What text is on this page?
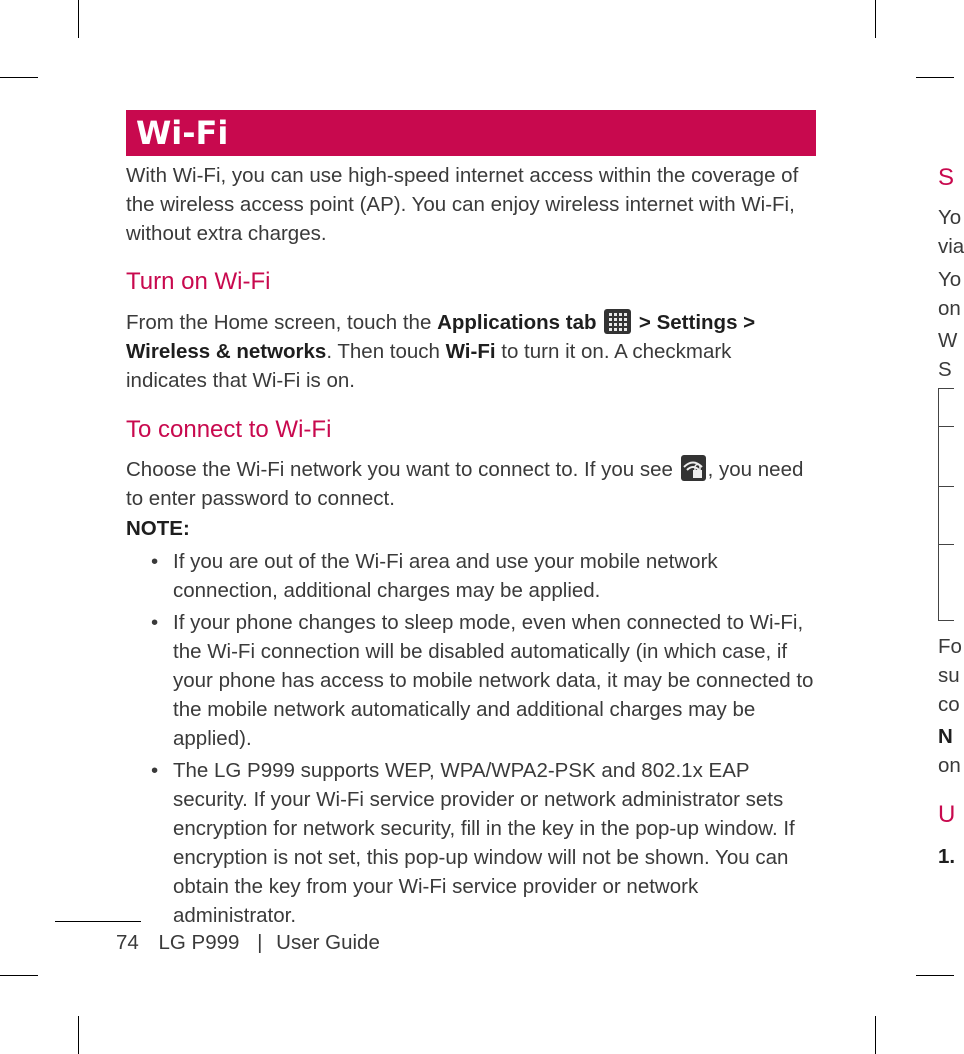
Wi-Fi

With Wi-Fi, you can use high-speed internet access within the coverage of the wireless access point (AP). You can enjoy wireless internet with Wi-Fi, without extra charges.

Turn on Wi-Fi

From the Home screen, touch the Applications tab
> Settings > Wireless & networks. Then touch Wi-Fi to turn it on. A checkmark indicates that Wi-Fi is on.

To connect to Wi-Fi

Choose the Wi-Fi network you want to connect to. If you see , you need to enter password to connect.

NOTE:

• If you are out of the Wi-Fi area and use your mobile network connection, additional charges may be applied.
• If your phone changes to sleep mode, even when connected to Wi-Fi, the Wi-Fi connection will be disabled automatically (in which case, if your phone has access to mobile network data, it may be connected to the mobile network automatically and additional charges may be applied).
• The LG P999 supports WEP, WPA/WPA2-PSK and 802.1x EAP security. If your Wi-Fi service provider or network administrator sets encryption for network security, fill in the key in the pop-up window. If encryption is not set, this pop-up window will not be shown. You can obtain the key from your Wi-Fi service provider or network administrator.
74 LG P999 | User Guide
S
Yo
via
Yo
on
W
S
Fo
su
co
N
on
U
1.
